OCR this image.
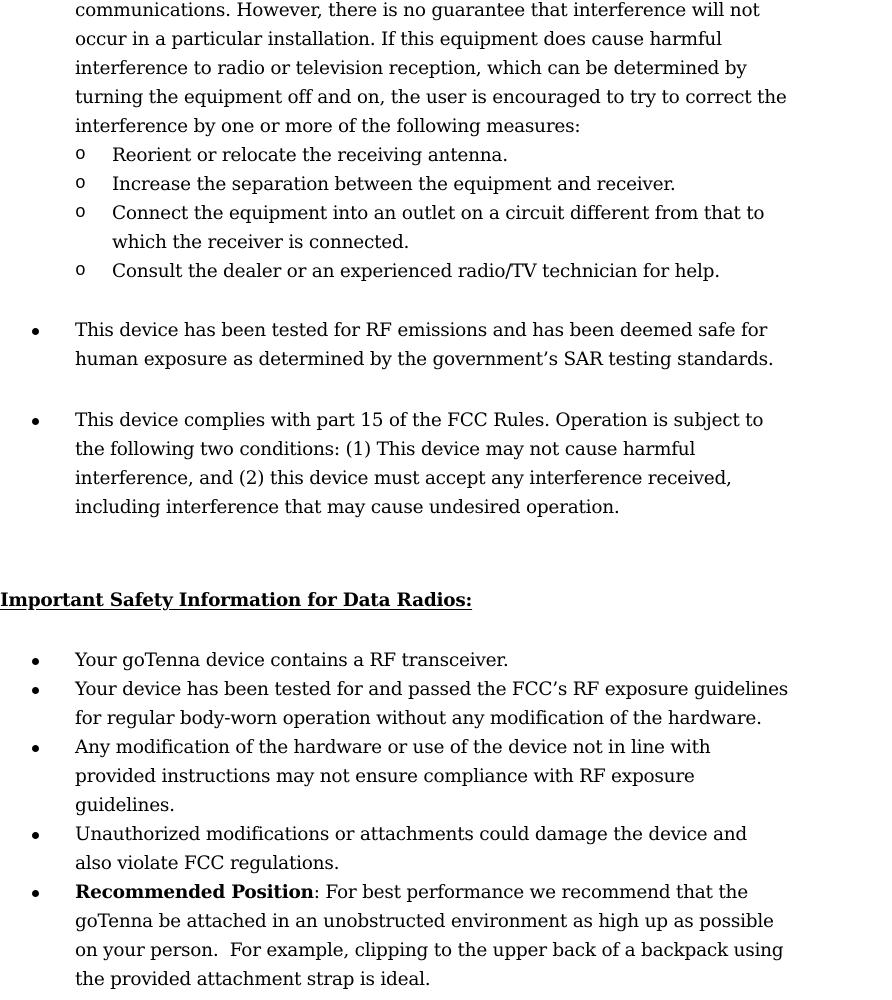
communications. However, there is no guarantee that interference will not
occur in a particular installation. If this equipment does cause harmful
interference to radio or television reception, which can be determined by
turning the equipment off and on, the user is encouraged to try to correct the
interference by one or more of the following measures:
o Reorient or relocate the receiving antenna.
o Increase the separation between the equipment and receiver.
o Connect the equipment into an outlet on a circuit different from that to
which the receiver is connected.
o Consult the dealer or an experienced radio/TV technician for help.
This device has been tested for RF emissions and has been deemed safe for
human exposure as determined by the government’s SAR testing standards.
This device complies with part 15 of the FCC Rules. Operation is subject to
the following two conditions: (1) This device may not cause harmful
interference, and (2) this device must accept any interference received,
including interference that may cause undesired operation.
Important Safety Information for Data Radios:
Your goTenna device contains a RF transceiver.
Your device has been tested for and passed the FCC’s RF exposure guidelines
for regular body-worn operation without any modification of the hardware.
Any modification of the hardware or use of the device not in line with
provided instructions may not ensure compliance with RF exposure
guidelines.
Unauthorized modifications or attachments could damage the device and
also violate FCC regulations.
Recommended Position: For best performance we recommend that the
goTenna be attached in an unobstructed environment as high up as possible
on your person.  For example, clipping to the upper back of a backpack using
the provided attachment strap is ideal.
